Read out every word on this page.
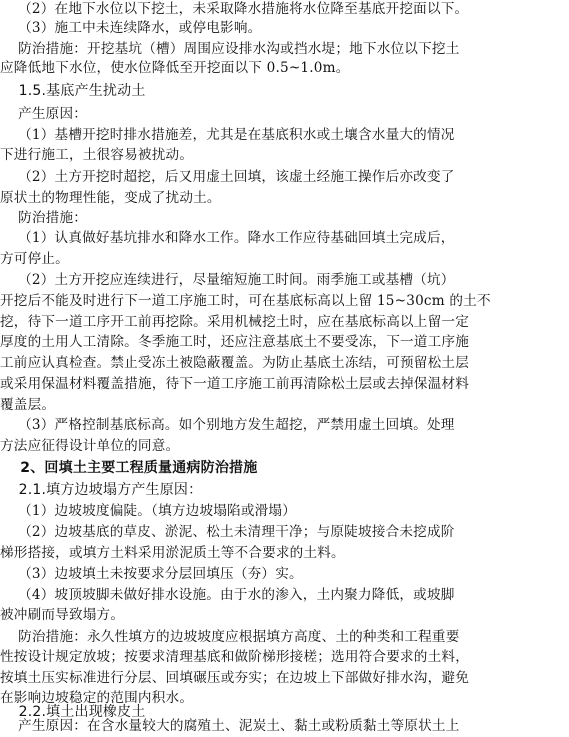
（2）在地下水位以下挖土，未采取降水措施将水位降至基底开挖面以下。
（3）施工中未连续降水，或停电影响。
防治措施：开挖基坑（槽）周围应设排水沟或挡水堤；地下水位以下挖土
应降低地下水位，使水位降低至开挖面以下 0.5~1.0m。
1.5.基底产生扰动土
产生原因：
（1）基槽开挖时排水措施差，尤其是在基底积水或土壤含水量大的情况
下进行施工，土很容易被扰动。
（2）土方开挖时超挖，后又用虚土回填，该虚土经施工操作后亦改变了
原状土的物理性能，变成了扰动土。
防治措施：
（1）认真做好基坑排水和降水工作。降水工作应待基础回填土完成后，
方可停止。
（2）土方开挖应连续进行，尽量缩短施工时间。雨季施工或基槽（坑）
开挖后不能及时进行下一道工序施工时，可在基底标高以上留 15~30cm 的土不
挖，待下一道工序开工前再挖除。采用机械挖土时，应在基底标高以上留一定
厚度的土用人工清除。冬季施工时，还应注意基底土不要受冻，下一道工序施
工前应认真检查。禁止受冻土被隐蔽覆盖。为防止基底土冻结，可预留松土层
或采用保温材料覆盖措施，待下一道工序施工前再清除松土层或去掉保温材料
覆盖层。
（3）严格控制基底标高。如个别地方发生超挖，严禁用虚土回填。处理
方法应征得设计单位的同意。
2、回填土主要工程质量通病防治措施
2.1.填方边坡塌方产生原因：
（1）边坡坡度偏陡。（填方边坡塌陷或滑塌）
（2）边坡基底的草皮、淤泥、松土未清理干净；与原陡坡接合未挖成阶
梯形搭接，或填方土料采用淤泥质土等不合要求的土料。
（3）边坡填土未按要求分层回填压（夯）实。
（4）坡顶坡脚未做好排水设施。由于水的渗入，土内聚力降低，或坡脚
被冲刷而导致塌方。
防治措施：永久性填方的边坡坡度应根据填方高度、土的种类和工程重要
性按设计规定放坡；按要求清理基底和做阶梯形接槎；选用符合要求的土料，
按填土压实标准进行分层、回填碾压或夯实；在边坡上下部做好排水沟，避免
在影响边坡稳定的范围内积水。
2.2.填土出现橡皮土
产生原因：在含水量较大的腐殖土、泥炭土、黏土或粉质黏土等原状土上
